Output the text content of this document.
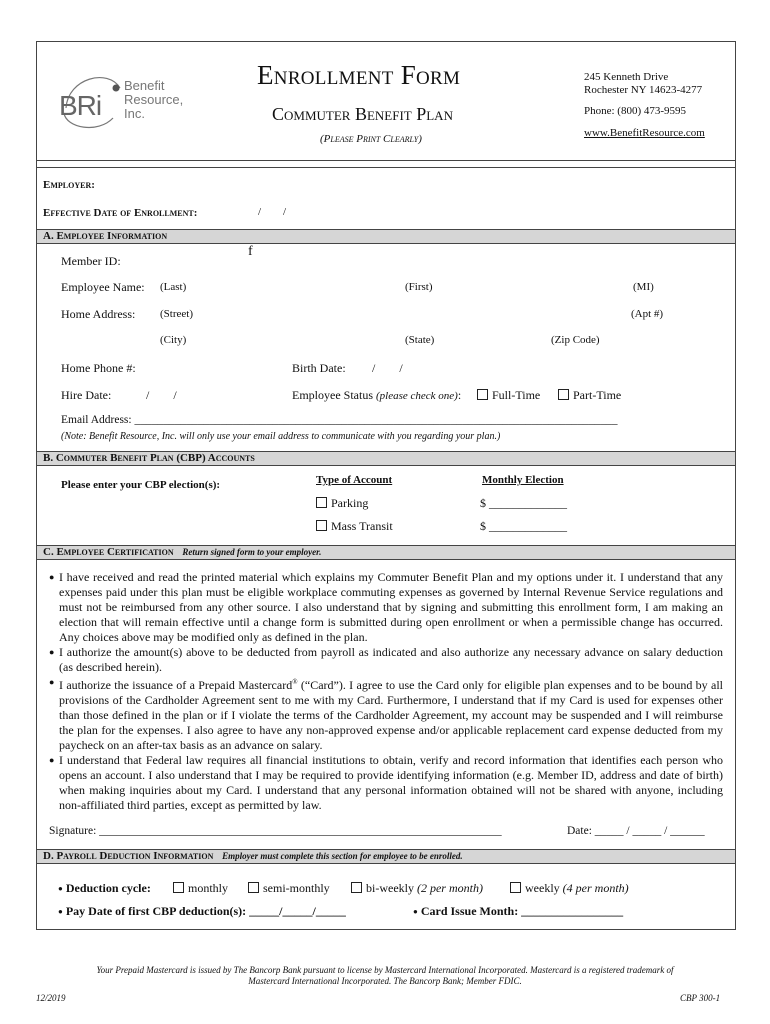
BRi
Benefit
Resource,
Inc.
Enrollment Form
Commuter Benefit Plan
(Please Print Clearly)
245 Kenneth Drive
Rochester NY 14623-4277
Phone: (800) 473-9595
www.BenefitResource.com
Employer:
Effective Date of Enrollment:	/        /
A. Employee Information
f
Member ID:
Employee Name: (Last)	(First)	(MI)
Home Address: (Street)	(Apt #)
(City)	(State)	(Zip Code)
Home Phone #:	Birth Date: /        /
Hire Date:	/        /	Employee Status (please check one):	Full-Time	Part-Time
Email Address: ____________________________________________________________________________________
(Note: Benefit Resource, Inc. will only use your email address to communicate with you regarding your plan.)
B. Commuter Benefit Plan (CBP) Accounts
Please enter your CBP election(s):	Type of Account	Monthly Election
Parking	$ _____________
Mass Transit	$ _____________
C. Employee Certification Return signed form to your employer.

● I have received and read the printed material which explains my Commuter Benefit Plan and my options under it. I understand that any expenses paid under this plan must be eligible workplace commuting expenses as governed by Internal Revenue Service regulations and must not be reimbursed from any other source. I also understand that by signing and submitting this enrollment form, I am making an election that will remain effective until a change form is submitted during open enrollment or when a permissible change has occurred. Any choices above may be modified only as defined in the plan.

● I authorize the amount(s) above to be deducted from payroll as indicated and also authorize any necessary advance on salary deduction (as described herein).

● I authorize the issuance of a Prepaid Mastercard® (“Card”). I agree to use the Card only for eligible plan expenses and to be bound by all provisions of the Cardholder Agreement sent to me with my Card. Furthermore, I understand that if my Card is used for expenses other than those defined in the plan or if I violate the terms of the Cardholder Agreement, my account may be suspended and I will reimburse the plan for the expenses. I also agree to have any non-approved expense and/or applicable replacement card expense deducted from my paycheck on an after-tax basis as an advance on salary.

● I understand that Federal law requires all financial institutions to obtain, verify and record information that identifies each person who opens an account. I also understand that I may be required to provide identifying information (e.g. Member ID, address and date of birth) when making inquiries about my Card. I understand that any personal information obtained will not be shared with anyone, including non-affiliated third parties, except as permitted by law.

Signature: ______________________________________________________________________	Date: _____ / _____ / ______
D. Payroll Deduction Information Employer must complete this section for employee to be enrolled.
● Deduction cycle:	monthly	semi-monthly	bi-weekly (2 per month)	weekly (4 per month)
● Pay Date of first CBP deduction(s): _____/_____/_____	● Card Issue Month: _________________
Your Prepaid Mastercard is issued by The Bancorp Bank pursuant to license by Mastercard International Incorporated. Mastercard is a registered trademark of
Mastercard International Incorporated. The Bancorp Bank; Member FDIC.
12/2019	CBP 300-1
